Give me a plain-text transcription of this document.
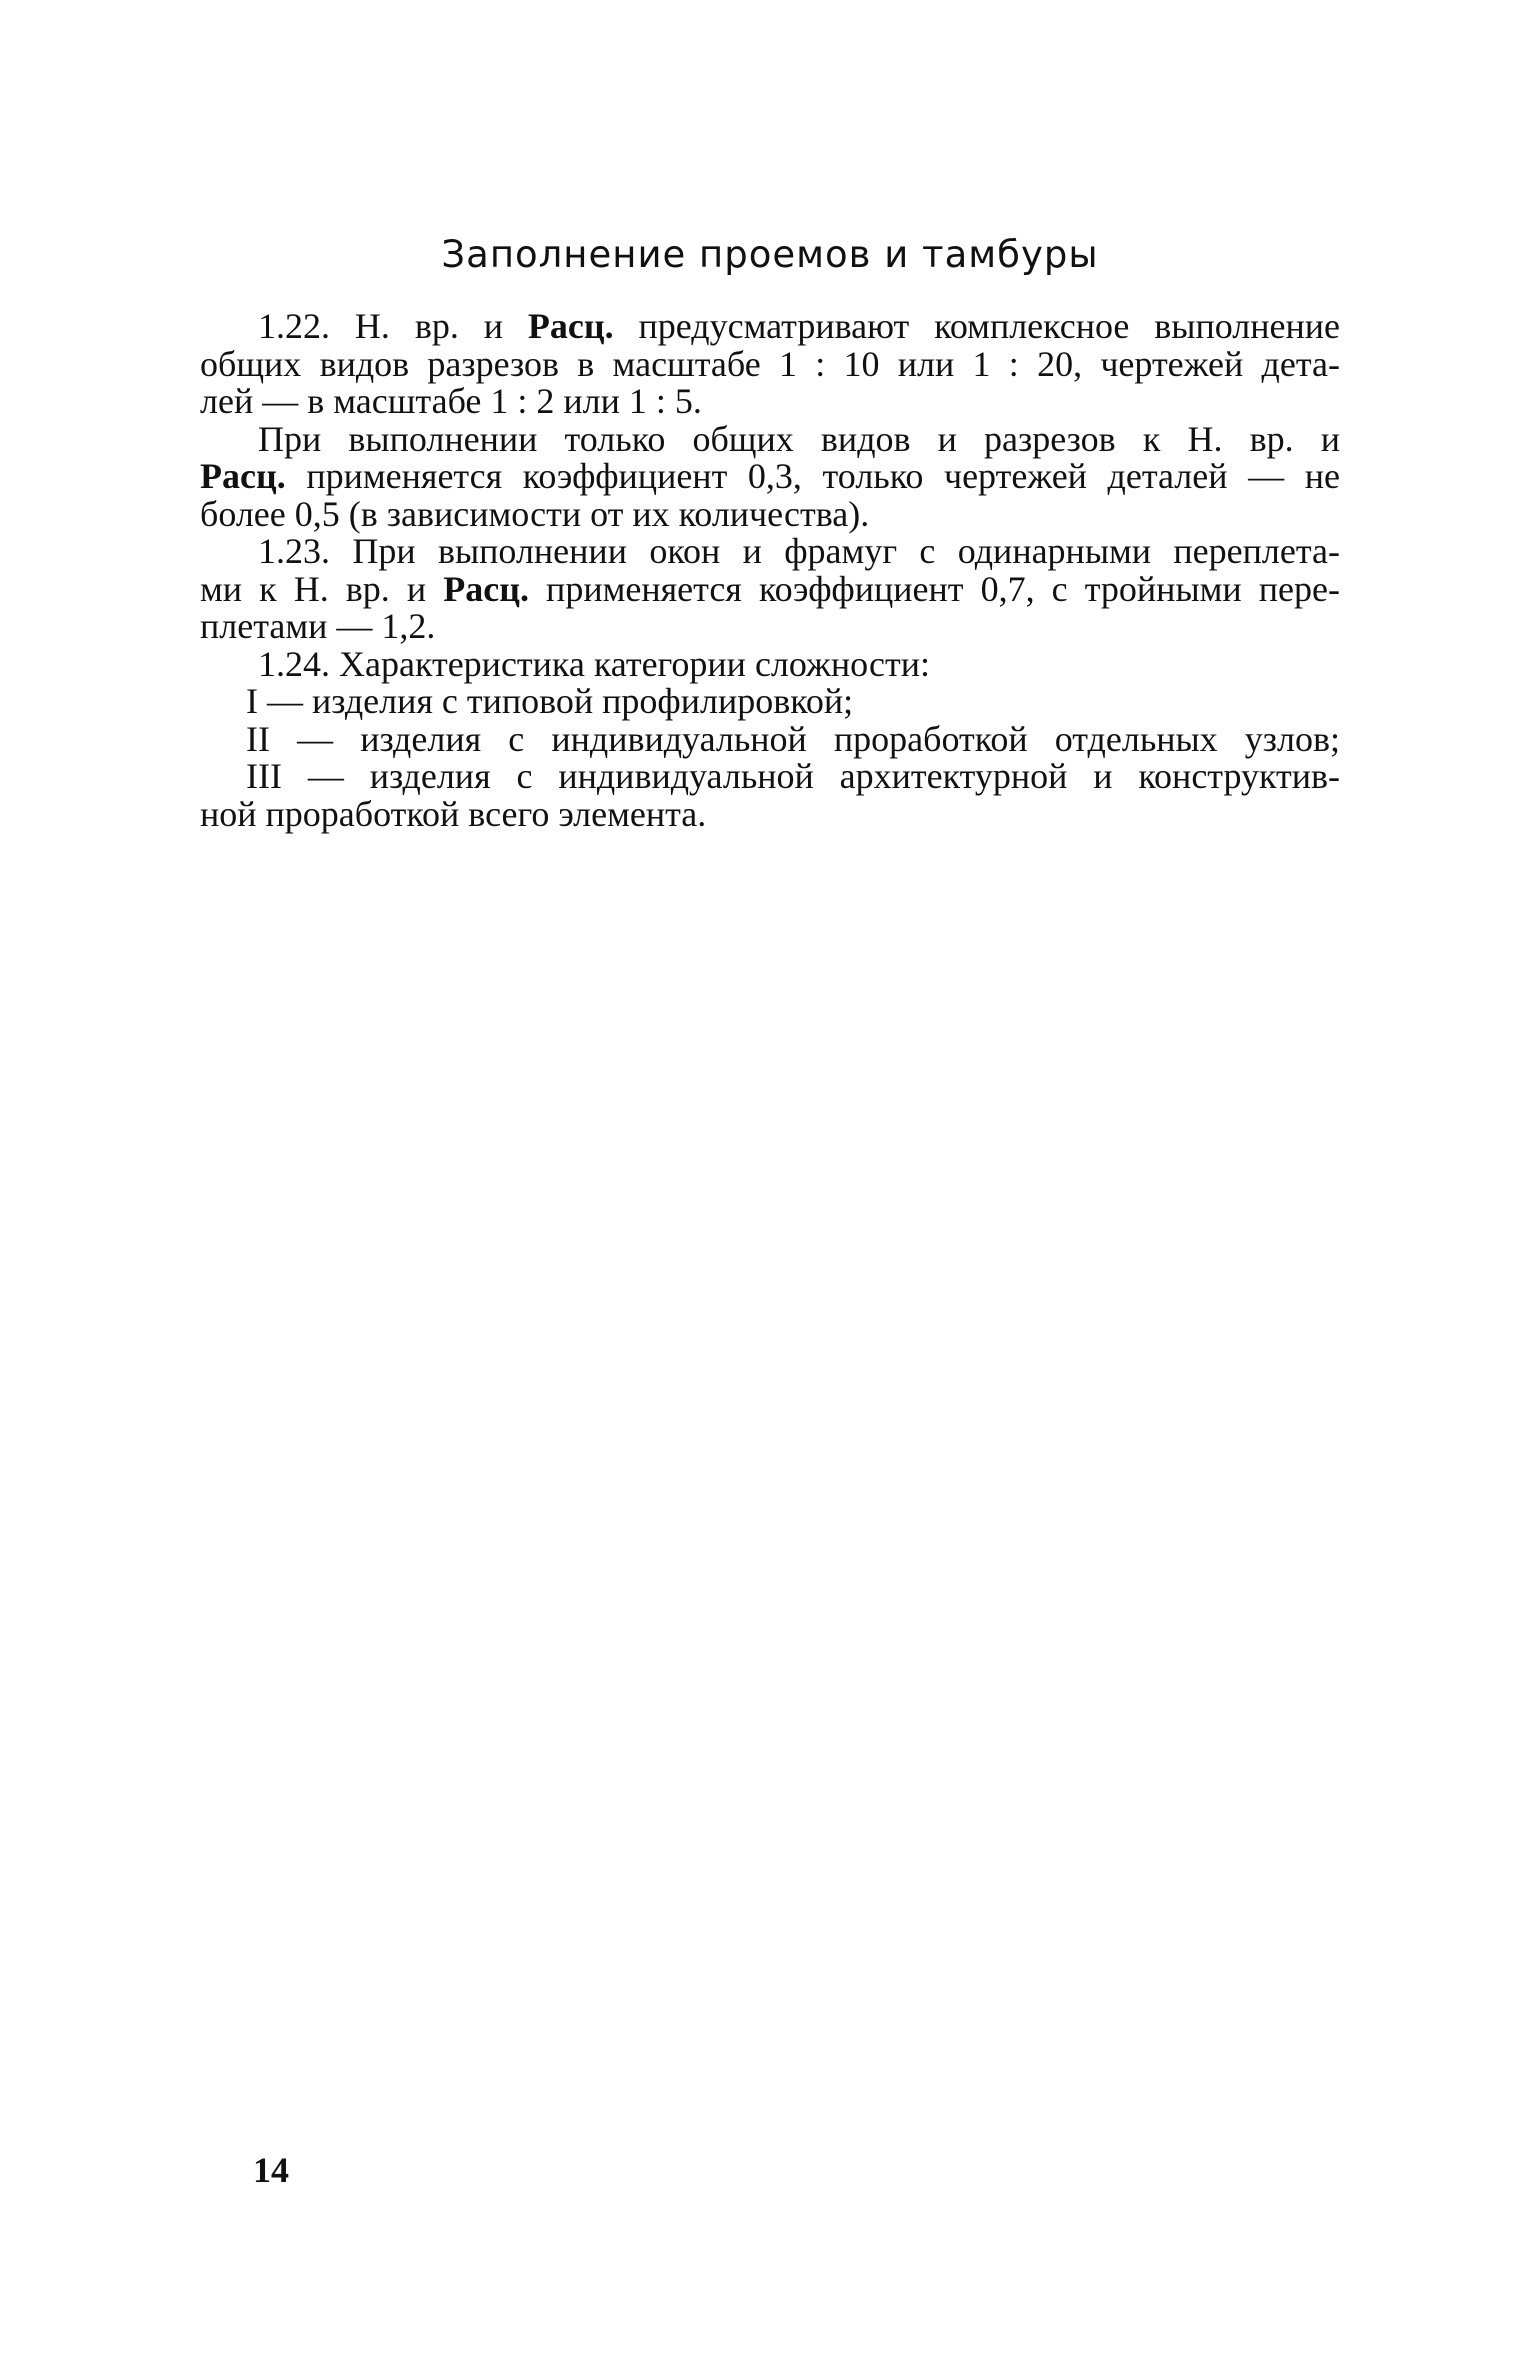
Заполнение проемов и тамбуры
1.22. Н. вр. и Расц. предусматривают комплексное выполнение
общих видов разрезов в масштабе 1 : 10 или 1 : 20, чертежей дета-
лей — в масштабе 1 : 2 или 1 : 5.
При выполнении только общих видов и разрезов к Н. вр. и
Расц. применяется коэффициент 0,3, только чертежей деталей — не
более 0,5 (в зависимости от их количества).
1.23. При выполнении окон и фрамуг с одинарными переплета-
ми к Н. вр. и Расц. применяется коэффициент 0,7, с тройными пере-
плетами — 1,2.
1.24. Характеристика категории сложности:
I — изделия с типовой профилировкой;
II — изделия с индивидуальной проработкой отдельных узлов;
III — изделия с индивидуальной архитектурной и конструктив-
ной проработкой всего элемента.
14
